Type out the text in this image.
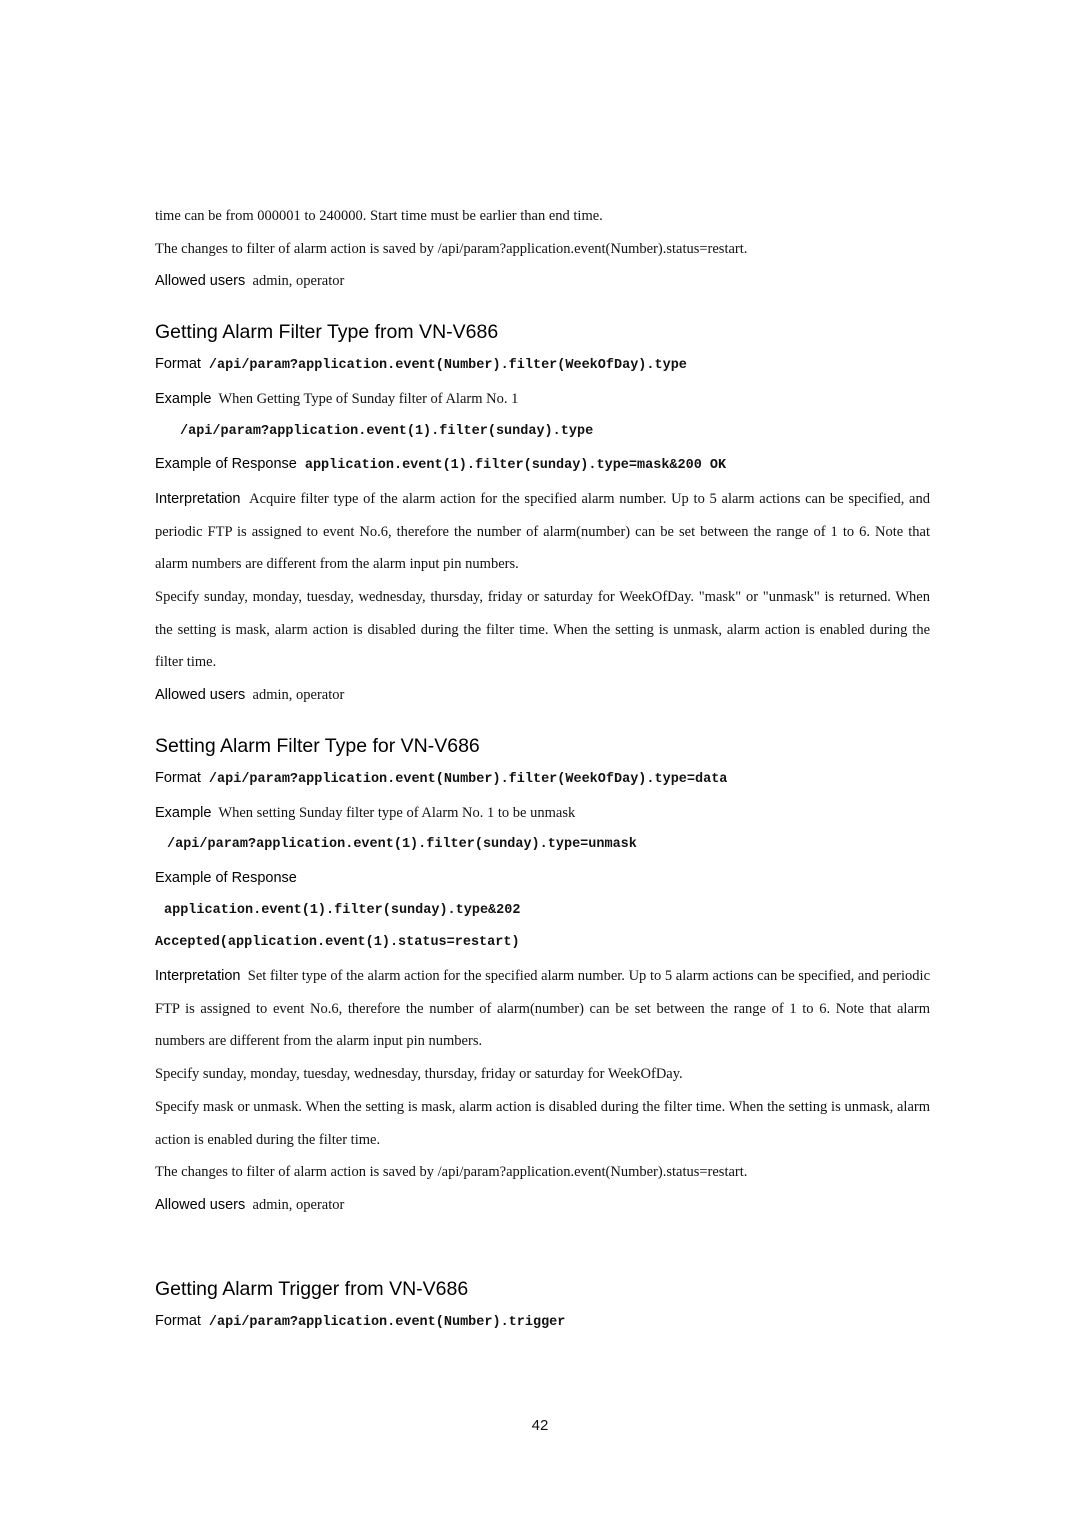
time can be from 000001 to 240000. Start time must be earlier than end time.

The changes to filter of alarm action is saved by /api/param?application.event(Number).status=restart.

Allowed users admin, operator

Getting Alarm Filter Type from VN-V686

Format /api/param?application.event(Number).filter(WeekOfDay).type

Example When Getting Type of Sunday filter of Alarm No. 1

/api/param?application.event(1).filter(sunday).type

Example of Response application.event(1).filter(sunday).type=mask&200 OK

Interpretation Acquire filter type of the alarm action for the specified alarm number. Up to 5 alarm actions can be specified, and periodic FTP is assigned to event No.6, therefore the number of alarm(number) can be set between the range of 1 to 6. Note that alarm numbers are different from the alarm input pin numbers.

Specify sunday, monday, tuesday, wednesday, thursday, friday or saturday for WeekOfDay. "mask" or "unmask" is returned. When the setting is mask, alarm action is disabled during the filter time. When the setting is unmask, alarm action is enabled during the filter time.

Allowed users admin, operator

Setting Alarm Filter Type for VN-V686

Format /api/param?application.event(Number).filter(WeekOfDay).type=data

Example When setting Sunday filter type of Alarm No. 1 to be unmask

/api/param?application.event(1).filter(sunday).type=unmask

Example of Response

application.event(1).filter(sunday).type&202

Accepted(application.event(1).status=restart)

Interpretation Set filter type of the alarm action for the specified alarm number. Up to 5 alarm actions can be specified, and periodic FTP is assigned to event No.6, therefore the number of alarm(number) can be set between the range of 1 to 6. Note that alarm numbers are different from the alarm input pin numbers.

Specify sunday, monday, tuesday, wednesday, thursday, friday or saturday for WeekOfDay.

Specify mask or unmask. When the setting is mask, alarm action is disabled during the filter time. When the setting is unmask, alarm action is enabled during the filter time.

The changes to filter of alarm action is saved by /api/param?application.event(Number).status=restart.

Allowed users admin, operator

Getting Alarm Trigger from VN-V686

Format /api/param?application.event(Number).trigger

42
